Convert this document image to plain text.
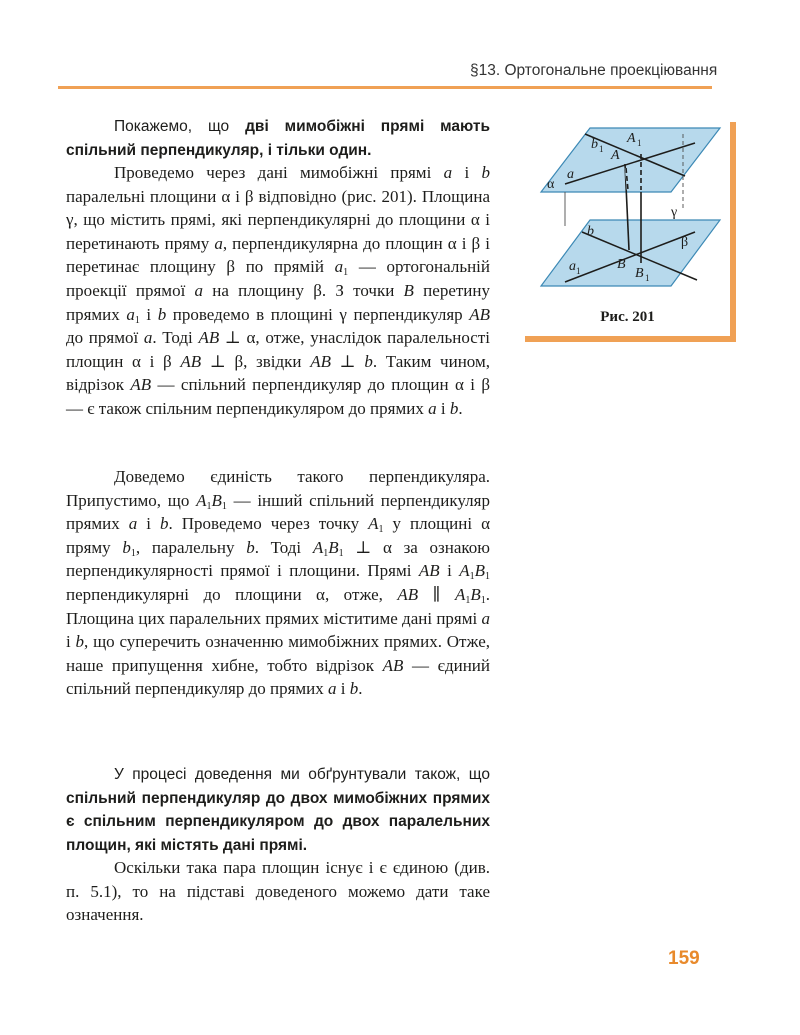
§13. Ортогональне проекціювання

Покажемо, що дві мимобіжні прямі мають спільний перпендикуляр, і тільки один.

Проведемо через дані мимобіжні прямі a і b паралельні площини α і β відповідно (рис. 201). Площина γ, що містить прямі, які перпендикулярні до площини α і перетинають пряму a, перпендикулярна до площин α і β і перетинає площину β по прямій $a_1$ — ортогональній проекції прямої a на площину β. З точки B перетину прямих $a_1$ і b проведемо в площині γ перпендикуляр AB до прямої a. Тоді AB ⊥ α, отже, унаслідок паралельності площин α і β AB ⊥ β, звідки AB ⊥ b. Таким чином, відрізок AB — спільний перпендикуляр до площин α і β — є також спільним перпендикуляром до прямих a і b.

Доведемо єдиність такого перпендикуляра. Припустимо, що $A_1B_1$ — інший спільний перпендикуляр прямих a і b. Проведемо через точку $A_1$ у площині α пряму $b_1$, паралельну b. Тоді $A_1B_1$ ⊥ α за ознакою перпендикулярності прямої і площини. Прямі AB і $A_1B_1$ перпендикулярні до площини α, отже, AB ∥ $A_1B_1$. Площина цих паралельних прямих міститиме дані прямі a і b, що суперечить означенню мимобіжних прямих. Отже, наше припущення хибне, тобто відрізок AB — єдиний спільний перпендикуляр до прямих a і b.

У процесі доведення ми обґрунтували також, що спільний перпендикуляр до двох мимобіжних прямих є спільним перпендикуляром до двох паралельних площин, які містять дані прямі.

Оскільки така пара площин існує і є єдиною (див. п. 5.1), то на підставі доведеного можемо дати таке означення.

b 1
A 1
A
α
a
γ
β
b
a 1	B
B 1
Рис. 201
159
